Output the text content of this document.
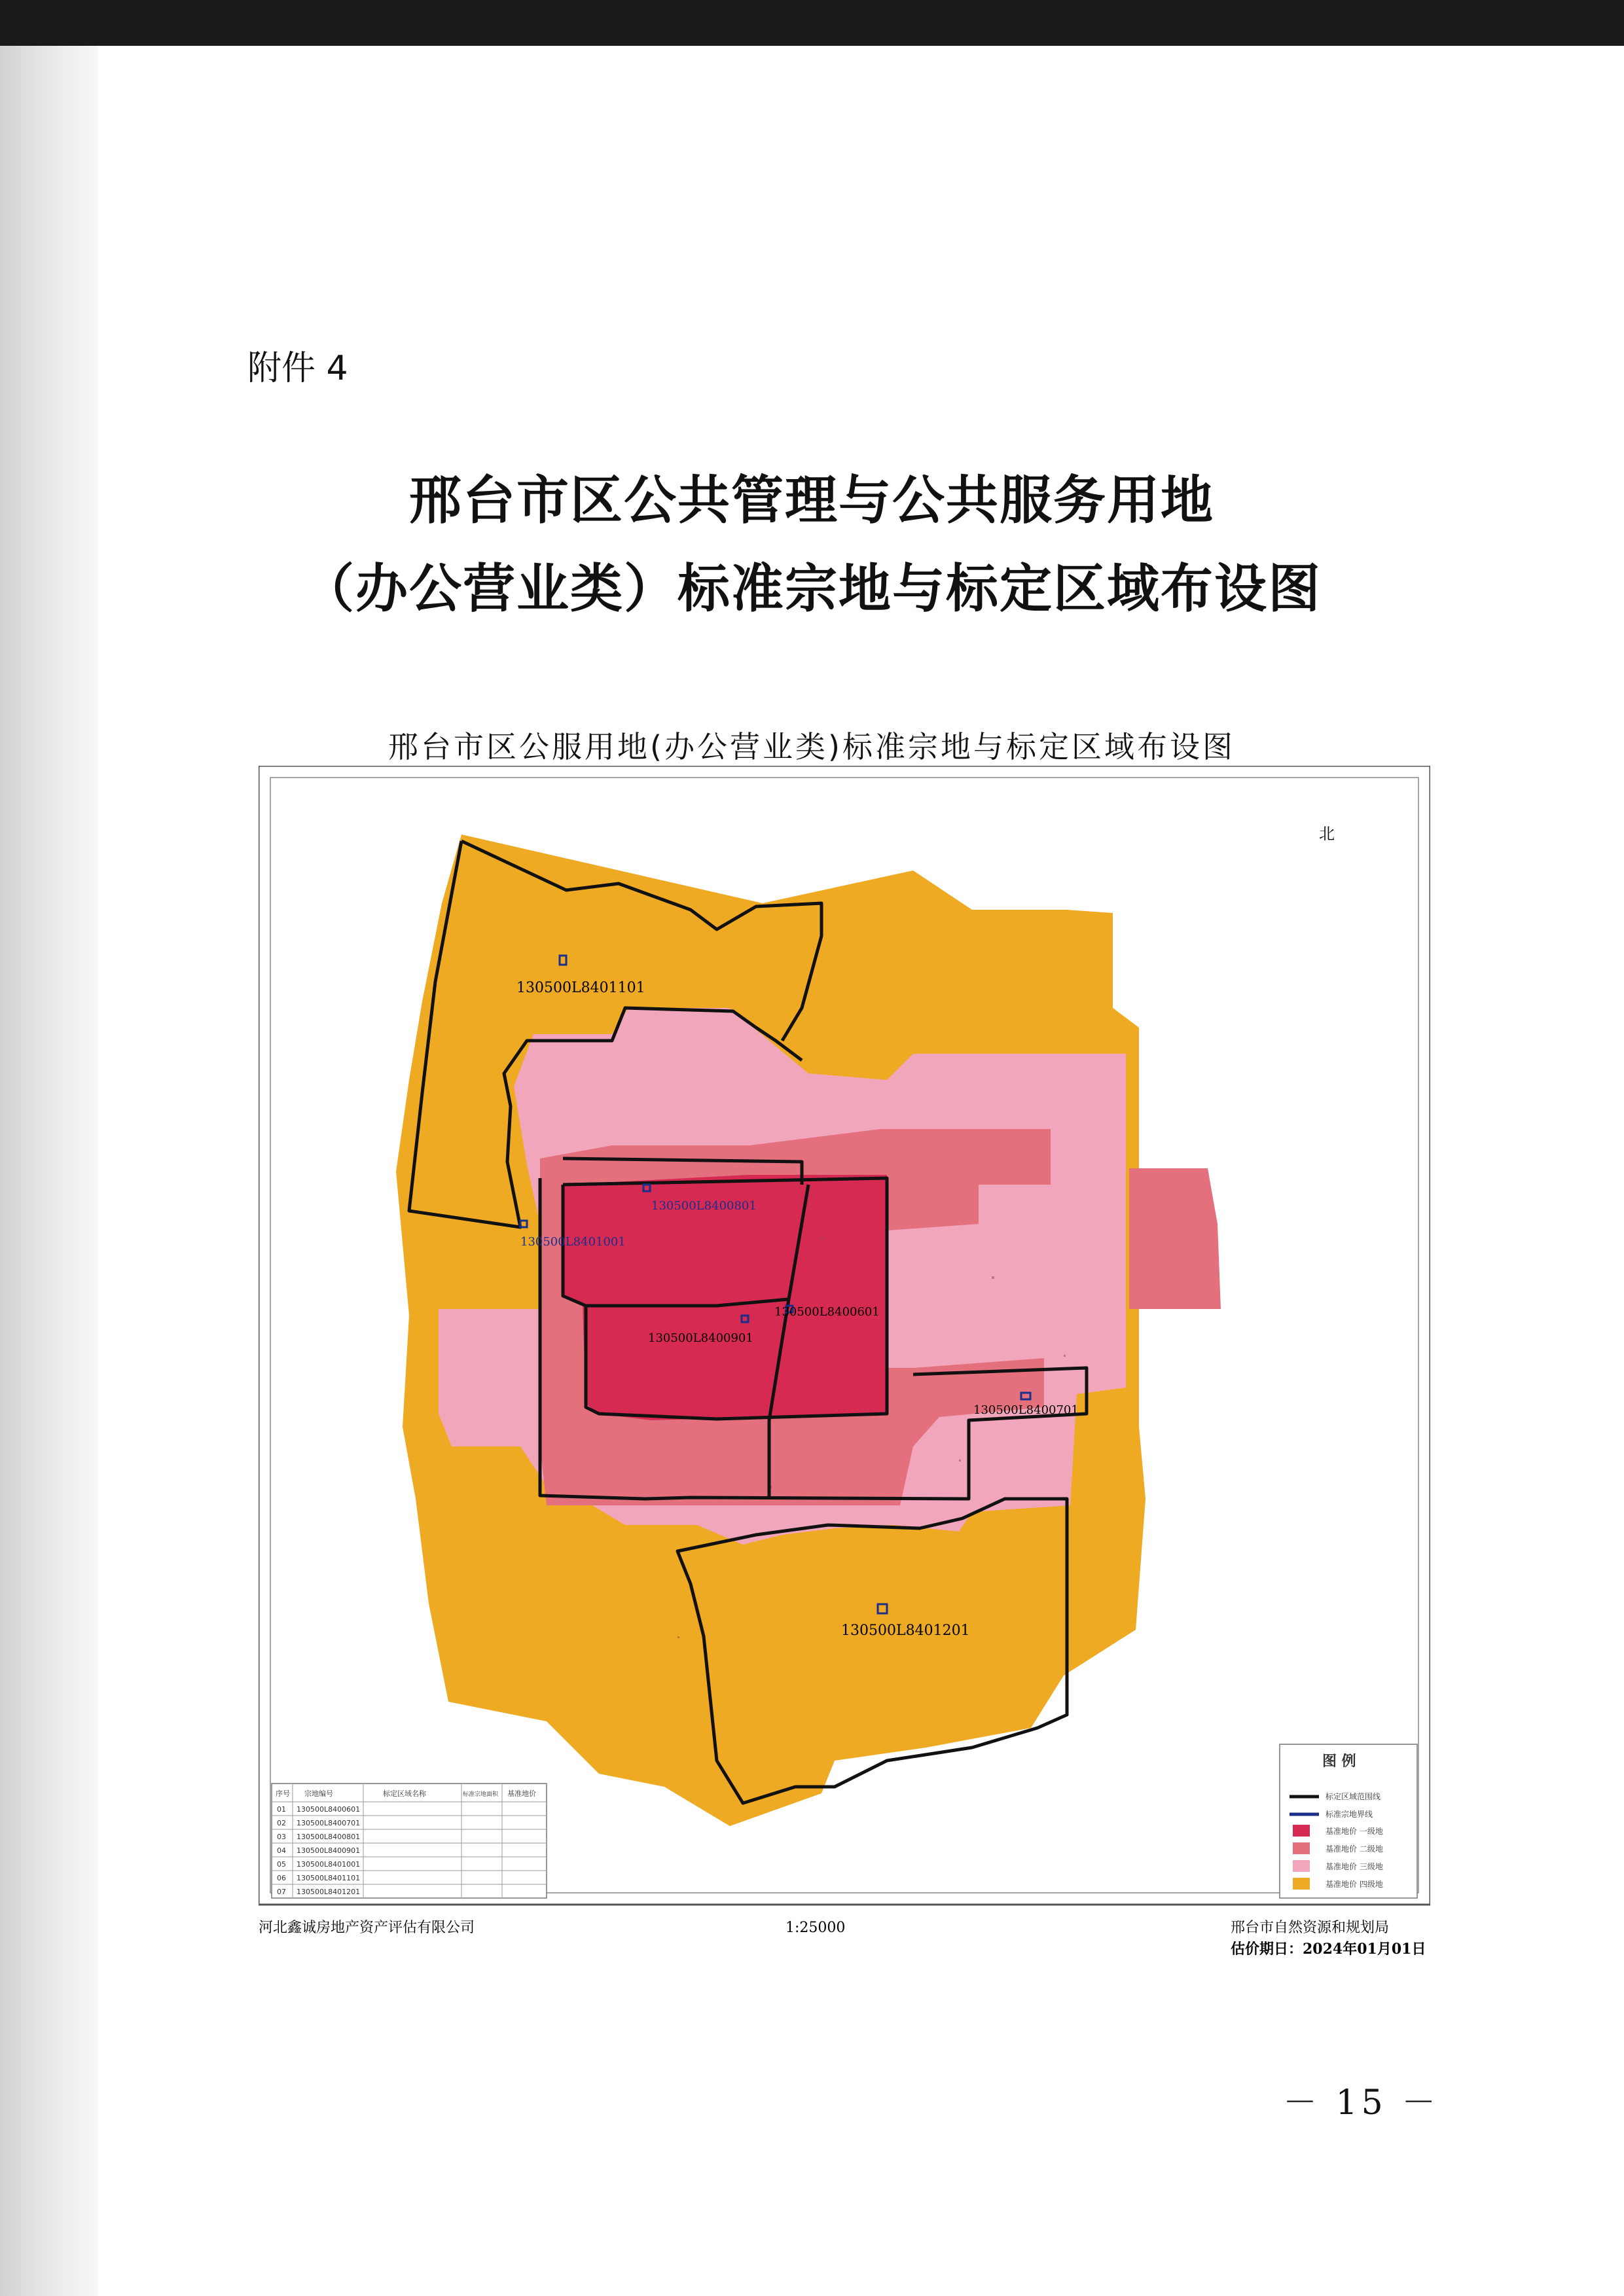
附件 4
邢台市区公共管理与公共服务用地
（办公营业类）标准宗地与标定区域布设图
邢台市区公服用地(办公营业类)标准宗地与标定区域布设图
130500L8401101
130500L8400801
130500L8401001
130500L8400901
130500L8400601
130500L8400701
130500L8401201
北
序号 宗地编号	标定区域名称	标准宗地面积 基准地价
01 130500L8400601
02 130500L8400701
03 130500L8400801
04 130500L8400901
05 130500L8401001
06 130500L8401101
07 130500L8401201
图 例
标定区域范围线
标准宗地界线
基准地价 一级地
基准地价 二级地
基准地价 三级地
基准地价 四级地
河北鑫诚房地产资产评估有限公司	1:25000	邢台市自然资源和规划局
估价期日：2024年01月01日
－ 15 －
